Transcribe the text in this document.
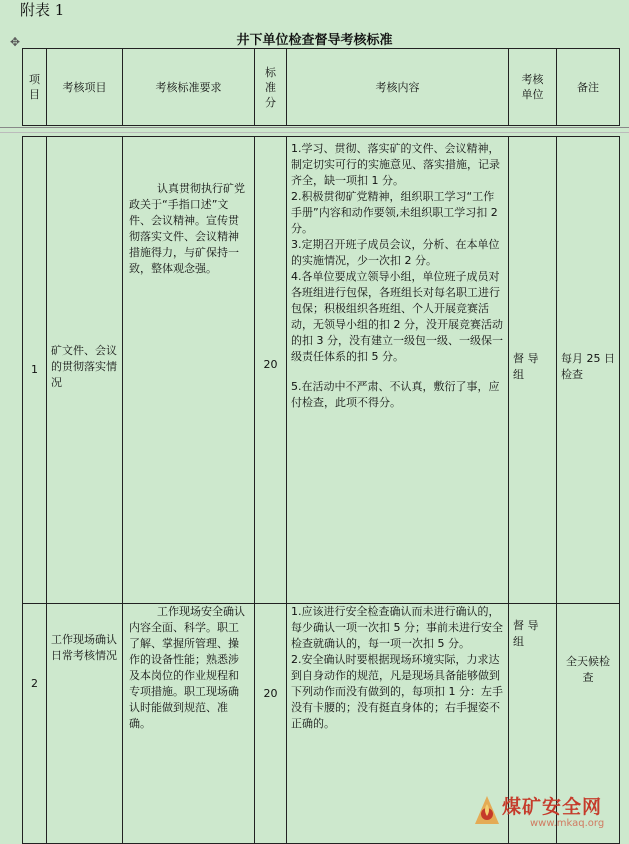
附表 1
✥	井下单位检查督导考核标准
项目	考核项目	考核标准要求	标准分	考核内容	考核单位	备注
1	矿文件、会议的贯彻落实情况	认真贯彻执行矿党政关于“手指口述”文件、会议精神。宣传贯彻落实文件、会议精神措施得力，与矿保持一致，整体观念强。	20	1.学习、贯彻、落实矿的文件、会议精神，制定切实可行的实施意见、落实措施，记录齐全，缺一项扣 1 分。

2.积极贯彻矿党精神，组织职工学习“工作手册”内容和动作要领,未组织职工学习扣 2 分。

3.定期召开班子成员会议，分析、在本单位的实施情况，少一次扣 2 分。

4.各单位要成立领导小组，单位班子成员对各班组进行包保，各班组长对每名职工进行包保；积极组织各班组、个人开展竞赛活动，无领导小组的扣 2 分，没开展竞赛活动的扣 3 分，没有建立一级包一级、一级保一级责任体系的扣 5 分。

5.在活动中不严肃、不认真，敷衍了事，应付检查，此项不得分。	督 导 组	每月 25 日检查
2	工作现场确认日常考核情况	工作现场安全确认内容全面、科学。职工了解、掌握所管理、操作的设备性能；熟悉涉及本岗位的作业规程和专项措施。职工现场确认时能做到规范、准确。	20	1.应该进行安全检查确认而未进行确认的，每少确认一项一次扣 5 分；事前未进行安全检查就确认的，每一项一次扣 5 分。

2.安全确认时要根据现场环境实际，力求达到自身动作的规范，凡是现场具备能够做到下列动作而没有做到的，每项扣 1 分：左手没有卡腰的；没有挺直身体的；右手握姿不正确的。	督 导 组	全天候检 查
煤矿安全网
www.mkaq.org
